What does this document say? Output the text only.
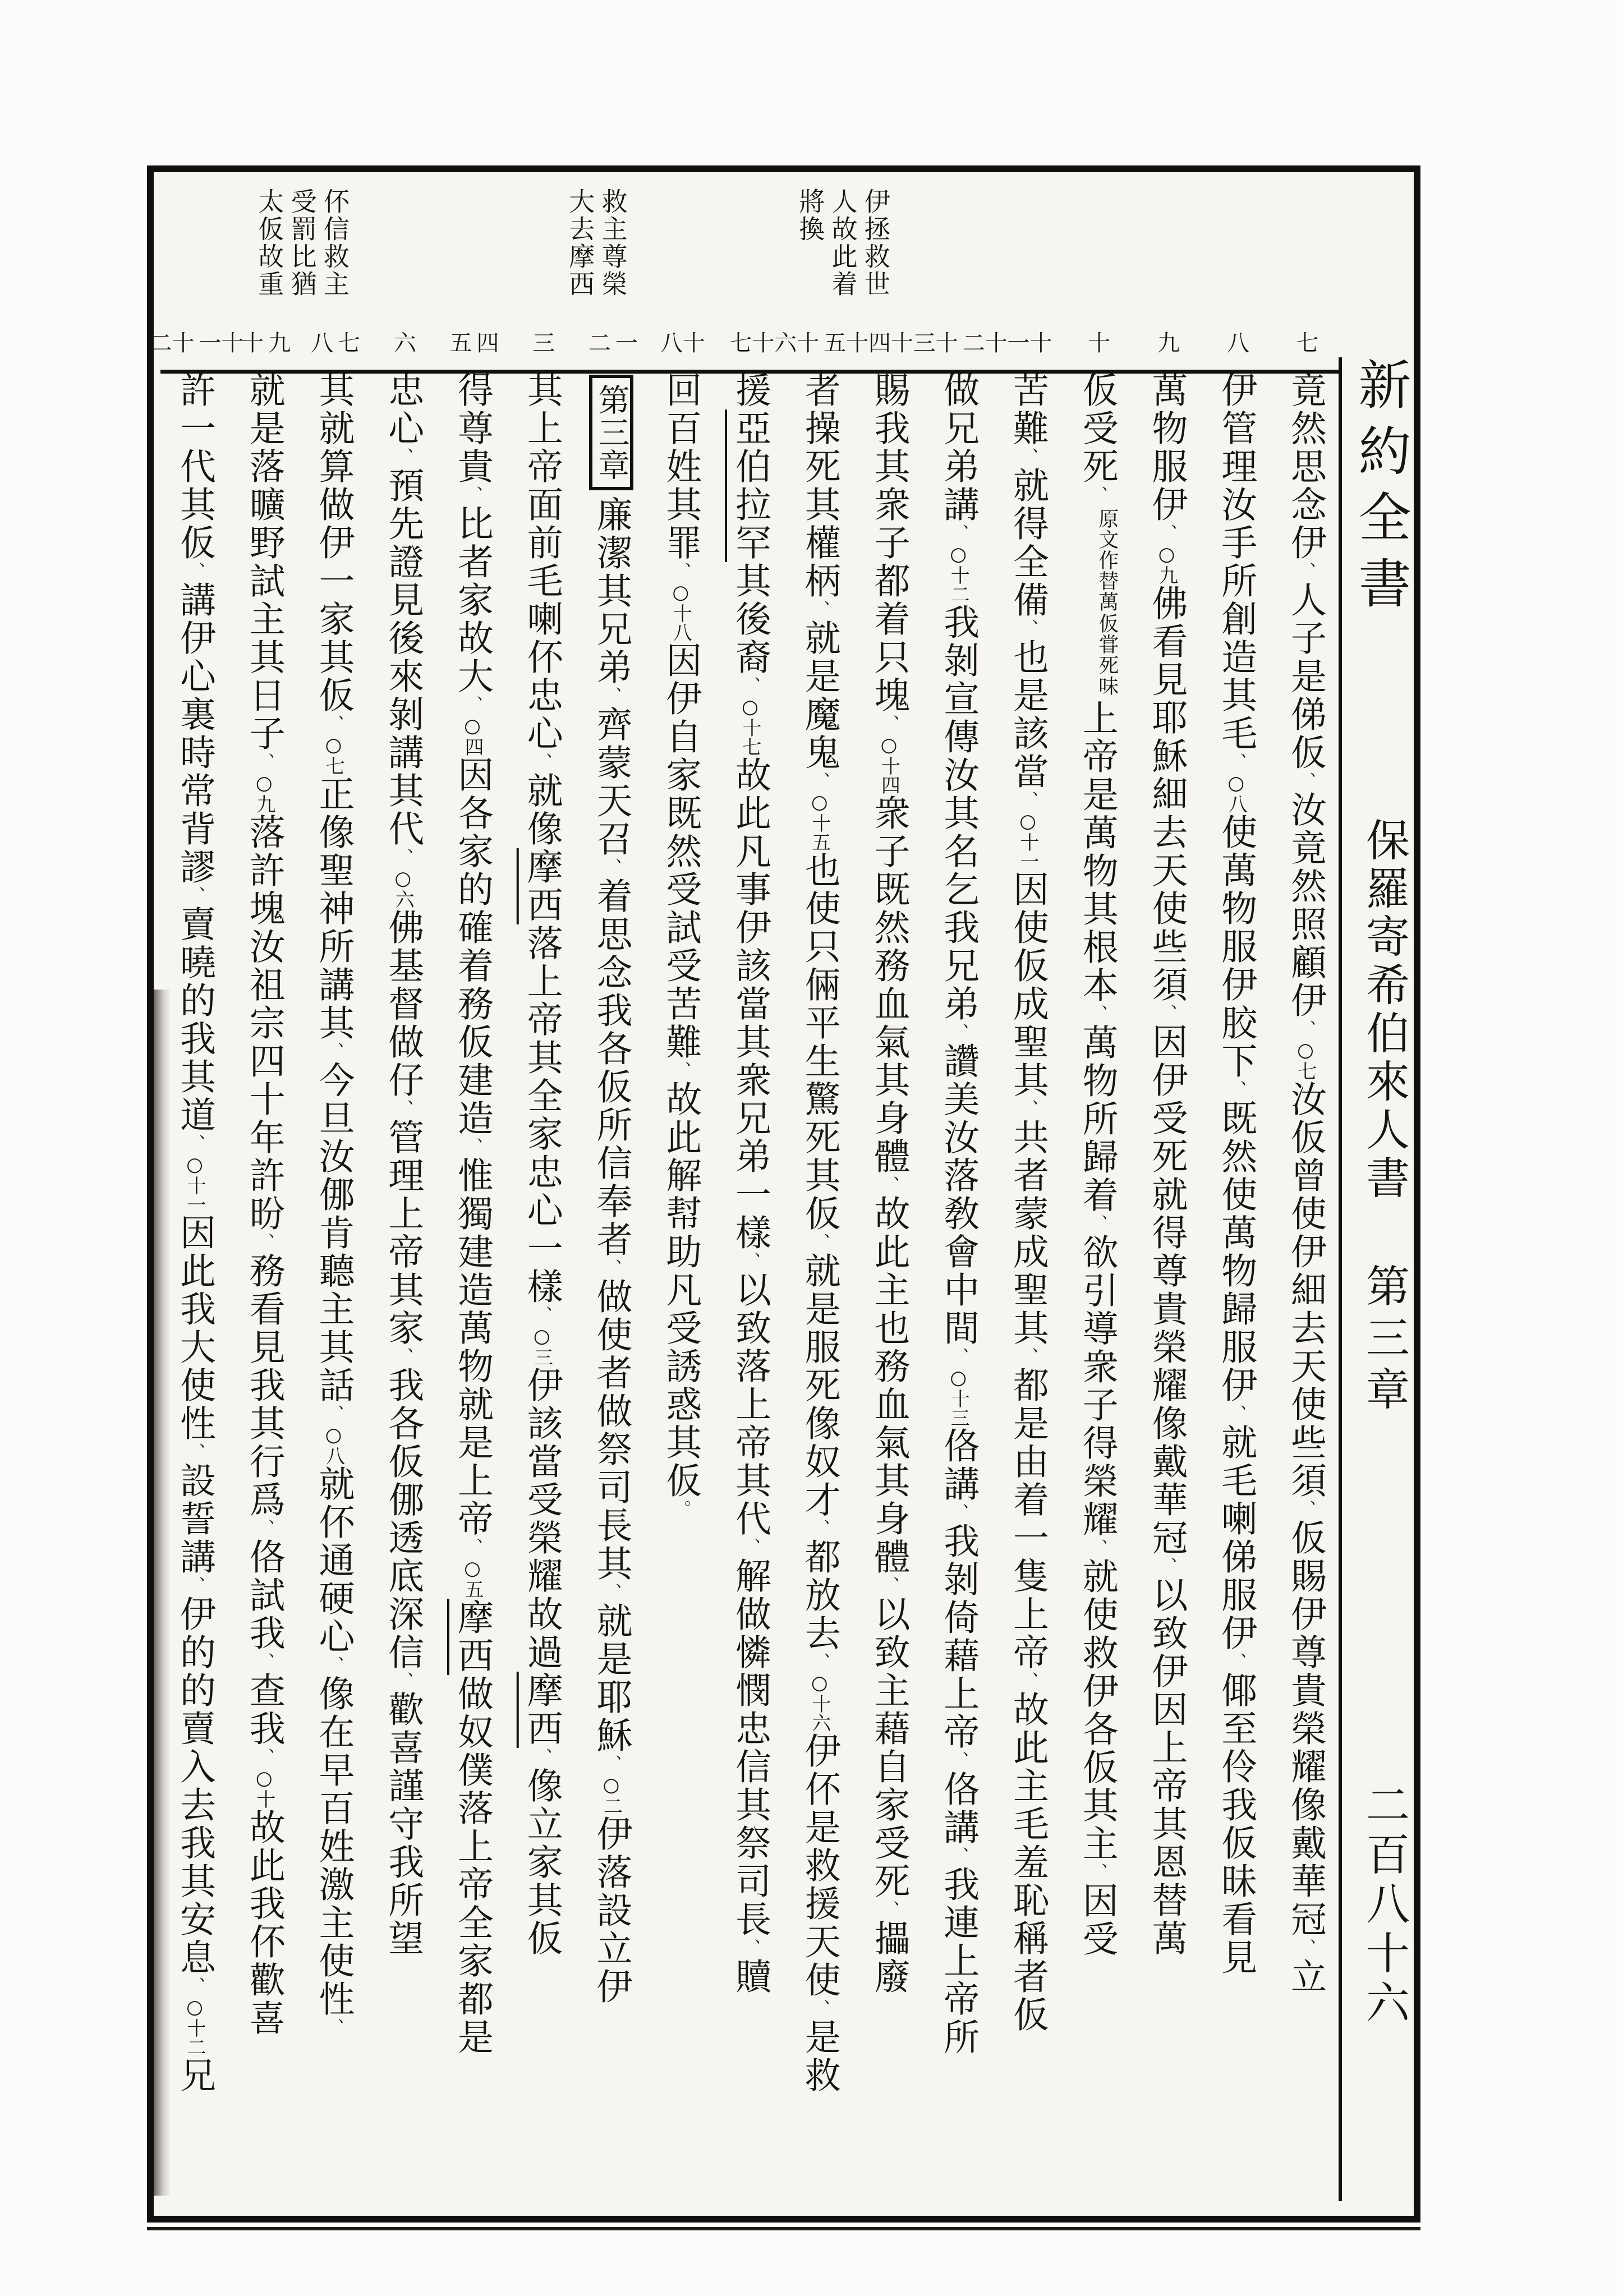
伊拯救世
人故此着
將換
救主尊榮
大去摩西
伓信救主
受罰比猶
太仮故重
新約全書
保羅寄希伯來人書
第三章
二百八十六
七
竟然思念伊、人子是俤仮、汝竟然照顧伊、○七汝仮曾使伊細去天使些須、仮賜伊尊貴榮耀像戴華冠、立
八
伊管理汝手所創造其毛、○八使萬物服伊胶下、既然使萬物歸服伊、就毛喇俤服伊、倻至伶我仮昧看見
九
萬物服伊、○九佛看見耶穌細去天使些須、因伊受死就得尊貴榮耀像戴華冠、以致伊因上帝其恩替萬
十
仮受死、
仮甞死味
原文作替萬
上帝是萬物其根本、萬物所歸着、欲引導衆子得榮耀、就使救伊各仮其主、因受
十一
苦難、就得全備、也是該當、○十一因使仮成聖其、共者蒙成聖其、都是由着一隻上帝、故此主毛羞恥稱者仮
十二
十三
做兄弟講、○十二我剝宣傳汝其名乞我兄弟、讚美汝落敎會中間、○十三佫講、我剝倚藉上帝、佫講、我連上帝所
十四
賜我其衆子都着只塊、○十四衆子既然務血氣其身體、故此主也務血氣其身體、以致主藉自家受死、攂廢
十五
十六
者操死其權柄、就是魔鬼、○十五也使只倆平生驚死其仮、就是服死像奴才、都放去、○十六伊伓是救援天使、是救
十七
援亞伯拉罕其後裔、○十七故此凡事伊該當其衆兄弟一樣、以致落上帝其代、解做憐憫忠信其祭司長、贖
十八
回百姓其罪、○十八因伊自家既然受試受苦難、故此解幇助凡受誘惑其仮。
一
二
第三章廉潔其兄弟、齊蒙天召、着思念我各仮所信奉者、做使者做祭司長其、就是耶穌、○二伊落設立伊
三
其上帝面前毛喇伓忠心、就像摩西落上帝其全家忠心一樣、○三伊該當受榮耀故過摩西、像立家其仮
四
五
得尊貴、比者家故大、○四因各家的確着務仮建造、惟獨建造萬物就是上帝、○五摩西做奴僕落上帝全家都是
六
忠心、預先證見後來剝講其代、○六佛基督做仔、管理上帝其家、我各仮㑚透底深信、歡喜謹守我所望
七
八
其就算做伊一家其仮、○七正像聖神所講其、今旦汝㑚肯聽主其話、○八就伓通硬心、像在早百姓激主使性、
九
十
就是落曠野試主其日子、○九落許塊汝祖宗四十年許昐、務看見我其行爲、佫試我、查我、○十故此我伓歡喜
十一
十二
許一代其仮、講伊心裏時常背謬、賣曉的我其道、○十一因此我大使性、設誓講、伊的的賣入去我其安息、○十二兄
